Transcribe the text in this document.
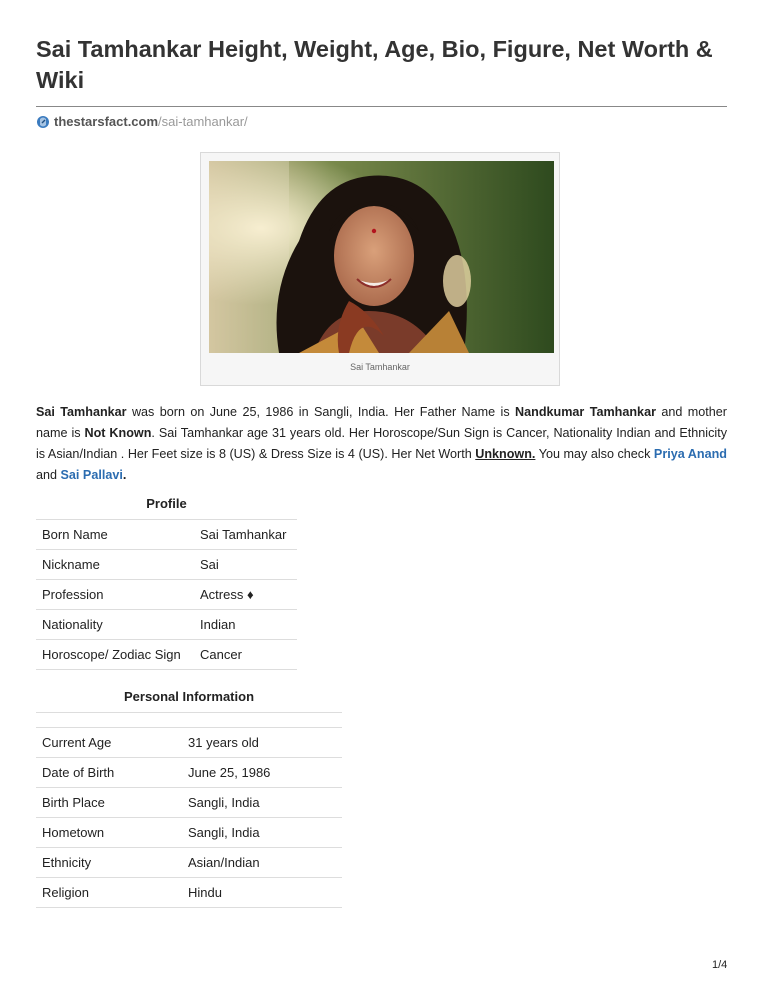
Sai Tamhankar Height, Weight, Age, Bio, Figure, Net Worth & Wiki
thestarsfact.com /sai-tamhankar/
Sai Tamhankar

Sai Tamhankar was born on June 25, 1986 in Sangli, India. Her Father Name is Nandkumar Tamhankar and mother name is Not Known. Sai Tamhankar age 31 years old. Her Horoscope/Sun Sign is Cancer, Nationality Indian and Ethnicity is Asian/Indian . Her Feet size is 8 (US) & Dress Size is 4 (US). Her Net Worth Unknown. You may also check Priya Anand and Sai Pallavi.

Profile
Born Name	Sai Tamhankar
Nickname	Sai
Profession	Actress ♦
Nationality	Indian
Horoscope/ Zodiac Sign	Cancer
Personal Information

Current Age	31 years old
Date of Birth	June 25, 1986
Birth Place	Sangli, India
Hometown	Sangli, India
Ethnicity	Asian/Indian
Religion	Hindu
1/4
